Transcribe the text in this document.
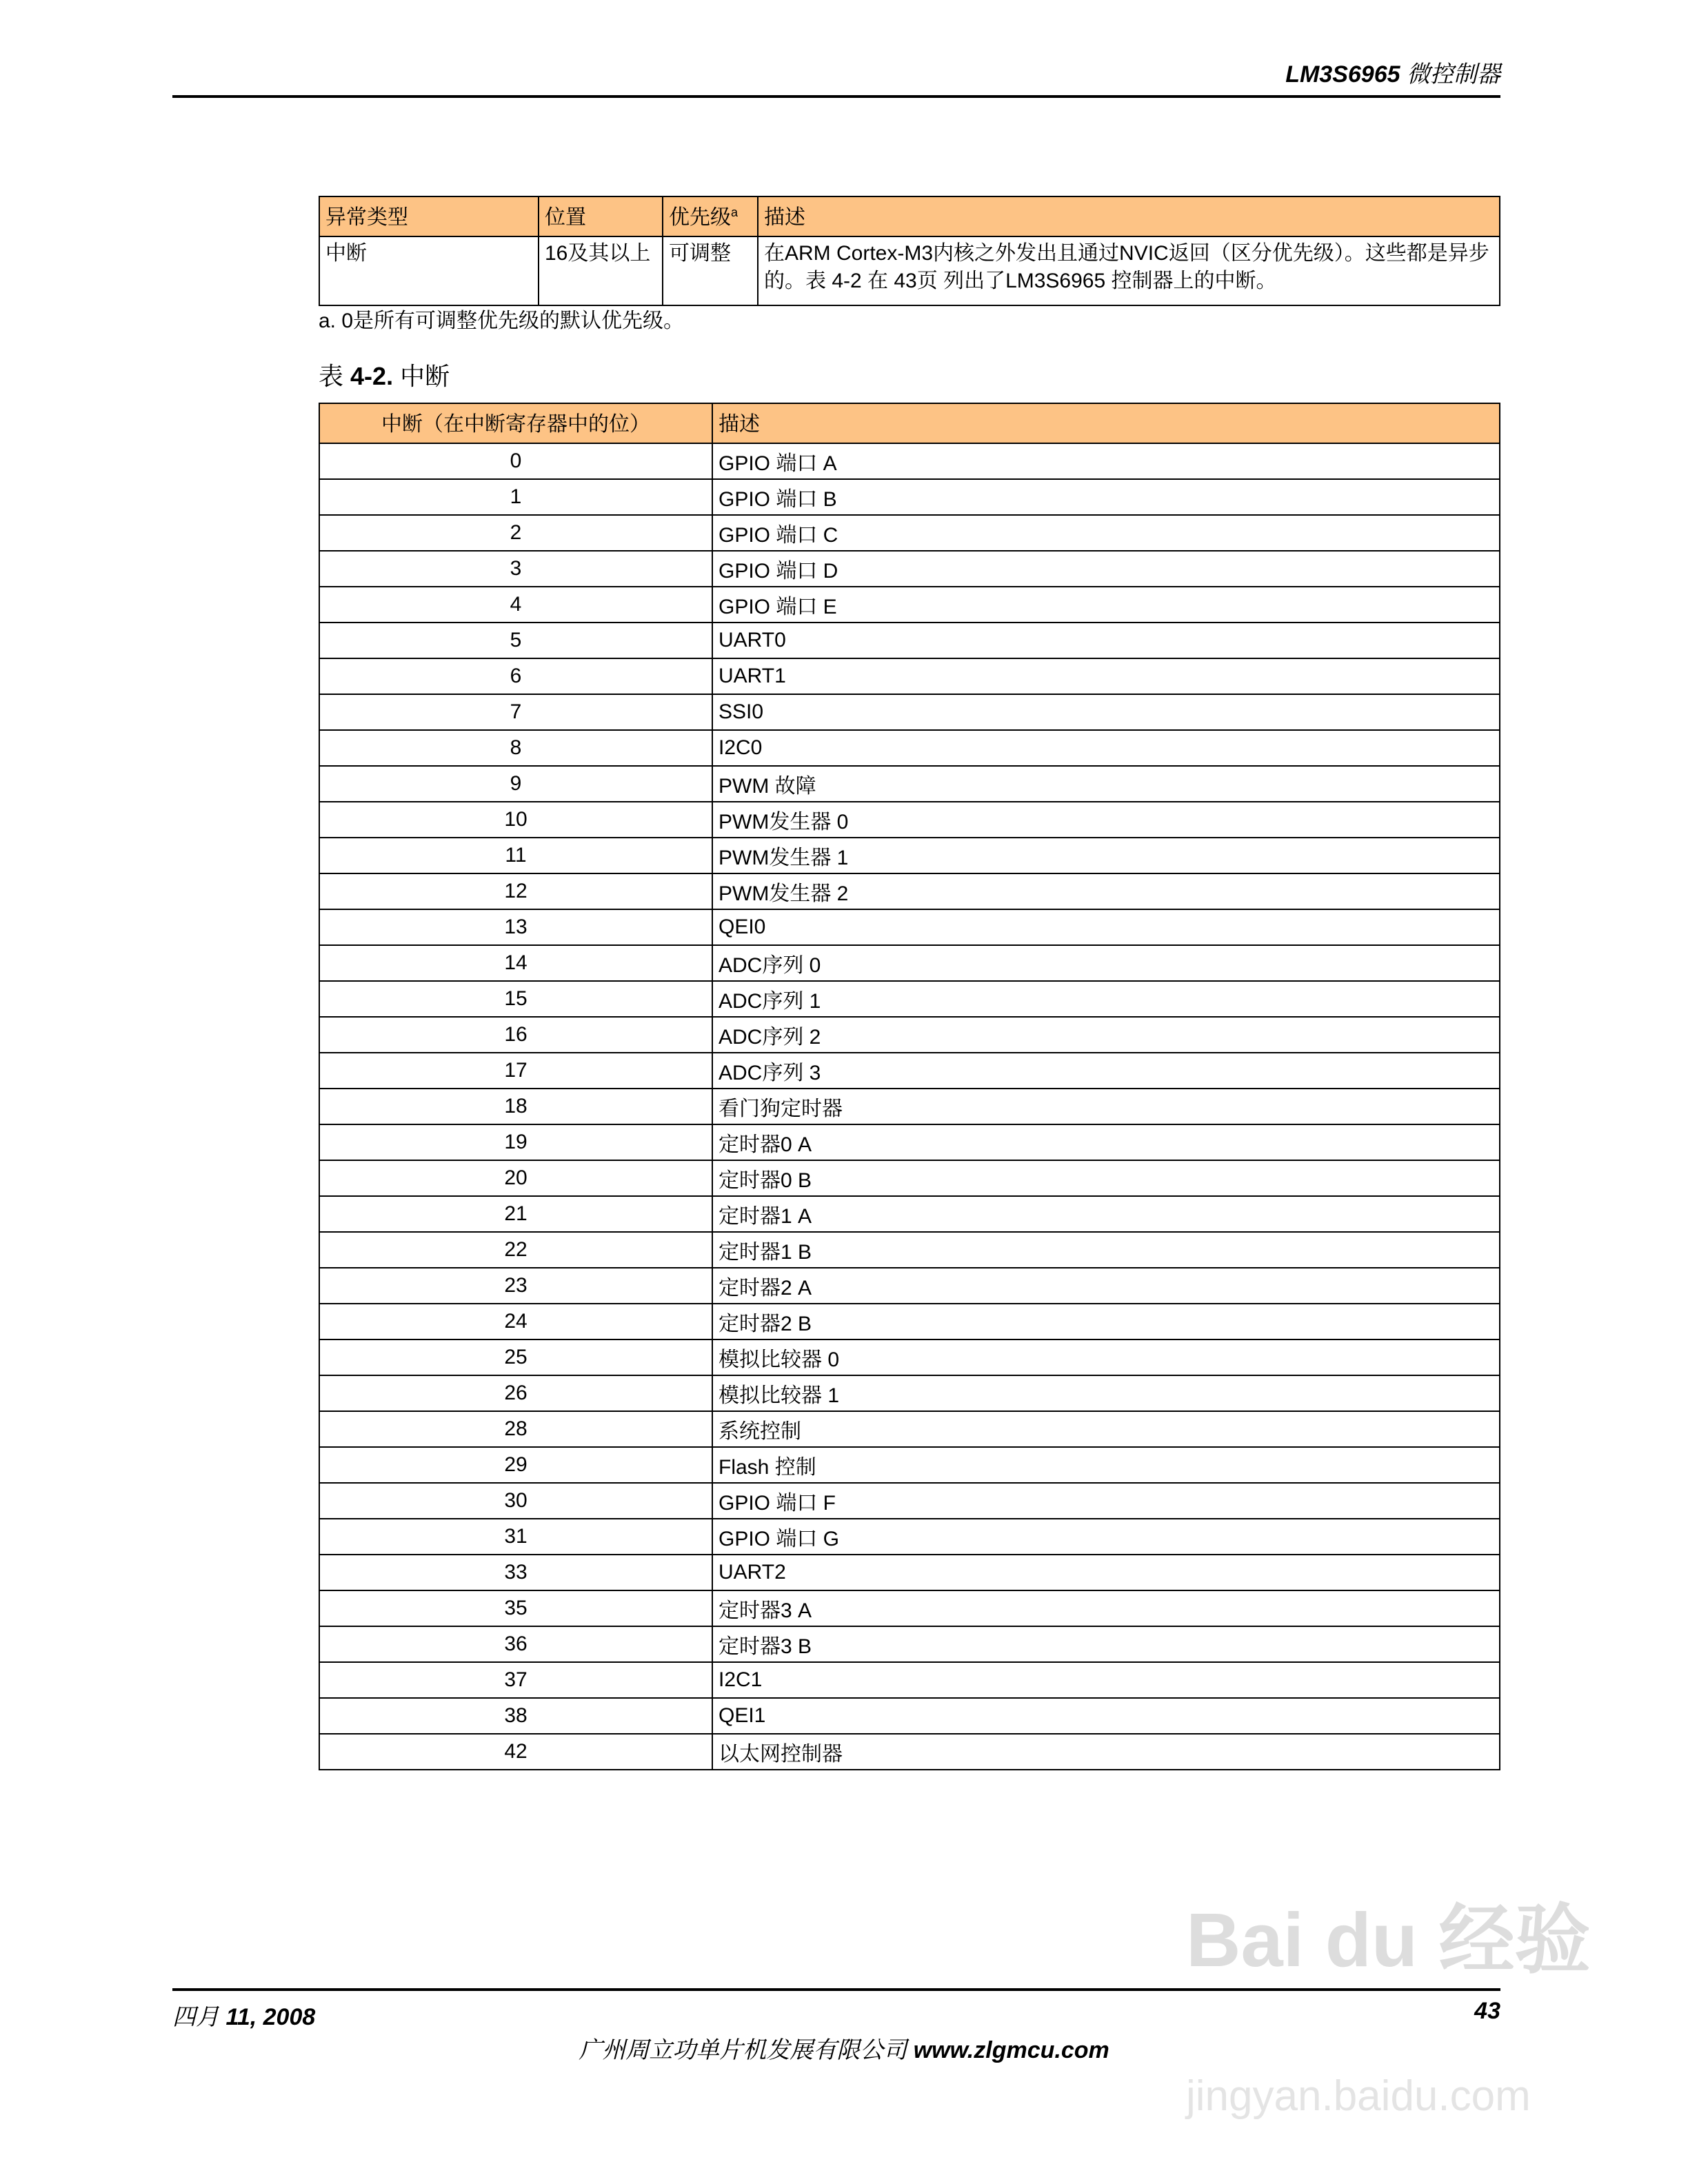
LM3S6965 微控制器
异常类型	位置	优先级$^a$	描述
中断	16及其以上	可调整	在ARM Cortex-M3内核之外发出且通过NVIC返回（区分优先级）。这些都是异步的。表 4-2 在 43页 列出了LM3S6965 控制器上的中断。
a. 0是所有可调整优先级的默认优先级。
表 4-2. 中断
中断（在中断寄存器中的位）	描述
0	GPIO 端口 A
1	GPIO 端口 B
2	GPIO 端口 C
3	GPIO 端口 D
4	GPIO 端口 E
5	UART0
6	UART1
7	SSI0
8	I2C0
9	PWM 故障
10	PWM发生器 0
11	PWM发生器 1
12	PWM发生器 2
13	QEI0
14	ADC序列 0
15	ADC序列 1
16	ADC序列 2
17	ADC序列 3
18	看门狗定时器
19	定时器0 A
20	定时器0 B
21	定时器1 A
22	定时器1 B
23	定时器2 A
24	定时器2 B
25	模拟比较器 0
26	模拟比较器 1
28	系统控制
29	Flash 控制
30	GPIO 端口 F
31	GPIO 端口 G
33	UART2
35	定时器3 A
36	定时器3 B
37	I2C1
38	QEI1
42	以太网控制器
四月 11, 2008	43
广州周立功单片机发展有限公司 www.zlgmcu.com
Bai du 经验
jingyan.baidu.com
